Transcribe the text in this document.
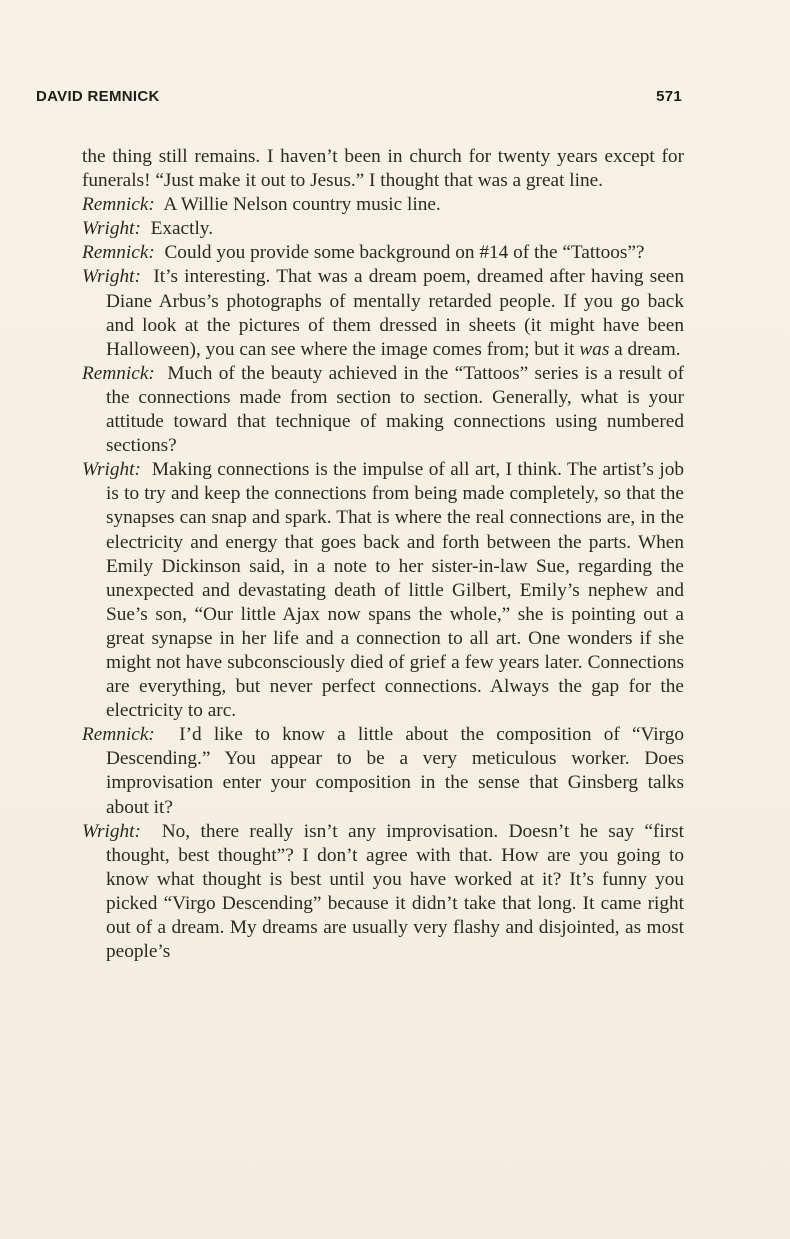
DAVID REMNICK	571

the thing still remains. I haven’t been in church for twenty years except for funerals! “Just make it out to Jesus.” I thought that was a great line.

Remnick: A Willie Nelson country music line.

Wright: Exactly.

Remnick: Could you provide some background on #14 of the “Tattoos”?

Wright: It’s interesting. That was a dream poem, dreamed after having seen Diane Arbus’s photographs of mentally retarded people. If you go back and look at the pictures of them dressed in sheets (it might have been Halloween), you can see where the image comes from; but it was a dream.

Remnick: Much of the beauty achieved in the “Tattoos” series is a result of the connections made from section to section. Generally, what is your attitude toward that technique of making connections using numbered sections?

Wright: Making connections is the impulse of all art, I think. The artist’s job is to try and keep the connections from being made completely, so that the synapses can snap and spark. That is where the real connections are, in the electricity and energy that goes back and forth between the parts. When Emily Dickinson said, in a note to her sister-in-law Sue, regarding the unexpected and devastating death of little Gilbert, Emily’s nephew and Sue’s son, “Our little Ajax now spans the whole,” she is pointing out a great synapse in her life and a connection to all art. One wonders if she might not have subconsciously died of grief a few years later. Connections are everything, but never perfect connections. Always the gap for the electricity to arc.

Remnick: I’d like to know a little about the composition of “Virgo Descending.” You appear to be a very meticulous worker. Does improvisation enter your composition in the sense that Ginsberg talks about it?

Wright: No, there really isn’t any improvisation. Doesn’t he say “first thought, best thought”? I don’t agree with that. How are you going to know what thought is best until you have worked at it? It’s funny you picked “Virgo Descending” because it didn’t take that long. It came right out of a dream. My dreams are usually very flashy and disjointed, as most people’s
